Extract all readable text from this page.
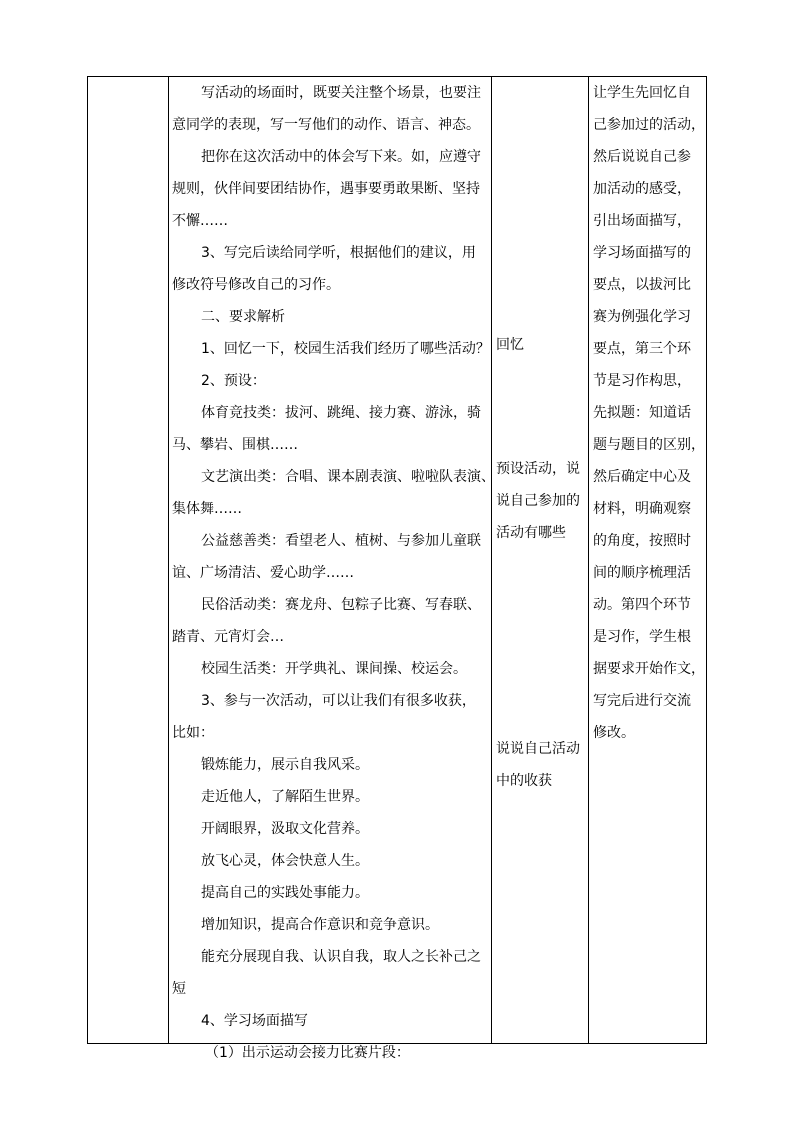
写活动的场面时，既要关注整个场景，也要注
意同学的表现，写一写他们的动作、语言、神态。
把你在这次活动中的体会写下来。如，应遵守
规则，伙伴间要团结协作，遇事要勇敢果断、坚持
不懈……
3、写完后读给同学听，根据他们的建议，用
修改符号修改自己的习作。
二、要求解析
1、回忆一下，校园生活我们经历了哪些活动？
2、预设：
体育竞技类：拔河、跳绳、接力赛、游泳，骑
马、攀岩、围棋……
文艺演出类：合唱、课本剧表演、啦啦队表演、
集体舞……
公益慈善类：看望老人、植树、与参加儿童联
谊、广场清洁、爱心助学……
民俗活动类：赛龙舟、包粽子比赛、写春联、
踏青、元宵灯会…
校园生活类：开学典礼、课间操、校运会。
3、参与一次活动，可以让我们有很多收获，
比如：
锻炼能力，展示自我风采。
走近他人，了解陌生世界。
开阔眼界，汲取文化营养。
放飞心灵，体会快意人生。
提高自己的实践处事能力。
增加知识，提高合作意识和竞争意识。
能充分展现自我、认识自我，取人之长补己之
短
4、学习场面描写
（1）出示运动会接力比赛片段：
回忆
预设活动，说
说自己参加的
活动有哪些
说说自己活动
中的收获
让学生先回忆自
己参加过的活动，
然后说说自己参
加活动的感受，
引出场面描写，
学习场面描写的
要点，以拔河比
赛为例强化学习
要点，第三个环
节是习作构思，
先拟题：知道话
题与题目的区别，
然后确定中心及
材料，明确观察
的角度，按照时
间的顺序梳理活
动。第四个环节
是习作，学生根
据要求开始作文，
写完后进行交流
修改。
